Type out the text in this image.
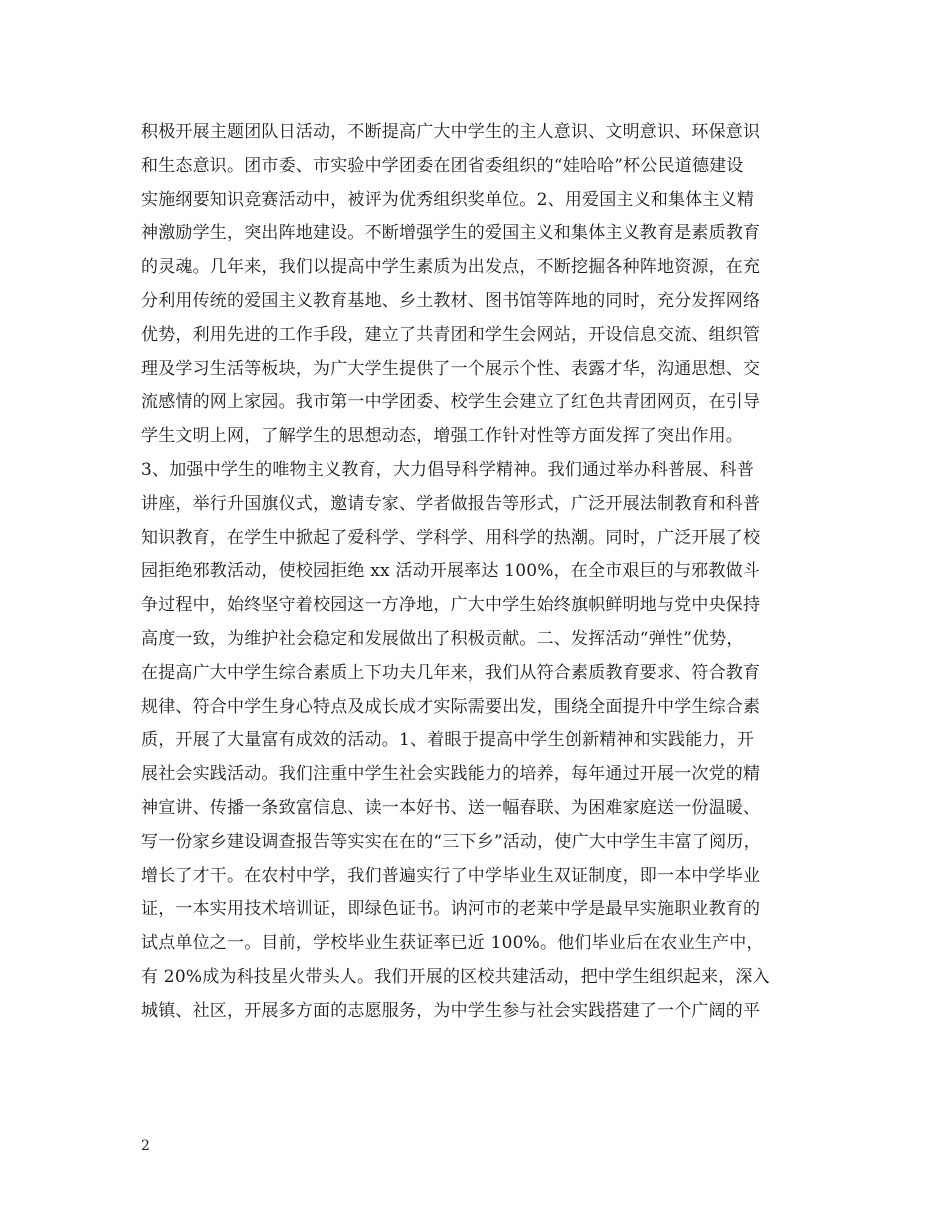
积极开展主题团队日活动，不断提高广大中学生的主人意识、文明意识、环保意识
和生态意识。团市委、市实验中学团委在团省委组织的“娃哈哈”杯公民道德建设
实施纲要知识竞赛活动中，被评为优秀组织奖单位。2、用爱国主义和集体主义精
神激励学生，突出阵地建设。不断增强学生的爱国主义和集体主义教育是素质教育
的灵魂。几年来，我们以提高中学生素质为出发点，不断挖掘各种阵地资源，在充
分利用传统的爱国主义教育基地、乡土教材、图书馆等阵地的同时，充分发挥网络
优势，利用先进的工作手段，建立了共青团和学生会网站，开设信息交流、组织管
理及学习生活等板块，为广大学生提供了一个展示个性、表露才华，沟通思想、交
流感情的网上家园。我市第一中学团委、校学生会建立了红色共青团网页，在引导
学生文明上网，了解学生的思想动态，增强工作针对性等方面发挥了突出作用。
3、加强中学生的唯物主义教育，大力倡导科学精神。我们通过举办科普展、科普
讲座，举行升国旗仪式，邀请专家、学者做报告等形式，广泛开展法制教育和科普
知识教育，在学生中掀起了爱科学、学科学、用科学的热潮。同时，广泛开展了校
园拒绝邪教活动，使校园拒绝 xx 活动开展率达 100%，在全市艰巨的与邪教做斗
争过程中，始终坚守着校园这一方净地，广大中学生始终旗帜鲜明地与党中央保持
高度一致，为维护社会稳定和发展做出了积极贡献。二、发挥活动“弹性”优势，
在提高广大中学生综合素质上下功夫几年来，我们从符合素质教育要求、符合教育
规律、符合中学生身心特点及成长成才实际需要出发，围绕全面提升中学生综合素
质，开展了大量富有成效的活动。1、着眼于提高中学生创新精神和实践能力，开
展社会实践活动。我们注重中学生社会实践能力的培养，每年通过开展一次党的精
神宣讲、传播一条致富信息、读一本好书、送一幅春联、为困难家庭送一份温暖、
写一份家乡建设调查报告等实实在在的“三下乡”活动，使广大中学生丰富了阅历，
增长了才干。在农村中学，我们普遍实行了中学毕业生双证制度，即一本中学毕业
证，一本实用技术培训证，即绿色证书。讷河市的老莱中学是最早实施职业教育的
试点单位之一。目前，学校毕业生获证率已近 100%。他们毕业后在农业生产中，
有 20%成为科技星火带头人。我们开展的区校共建活动，把中学生组织起来，深入
城镇、社区，开展多方面的志愿服务，为中学生参与社会实践搭建了一个广阔的平
2
